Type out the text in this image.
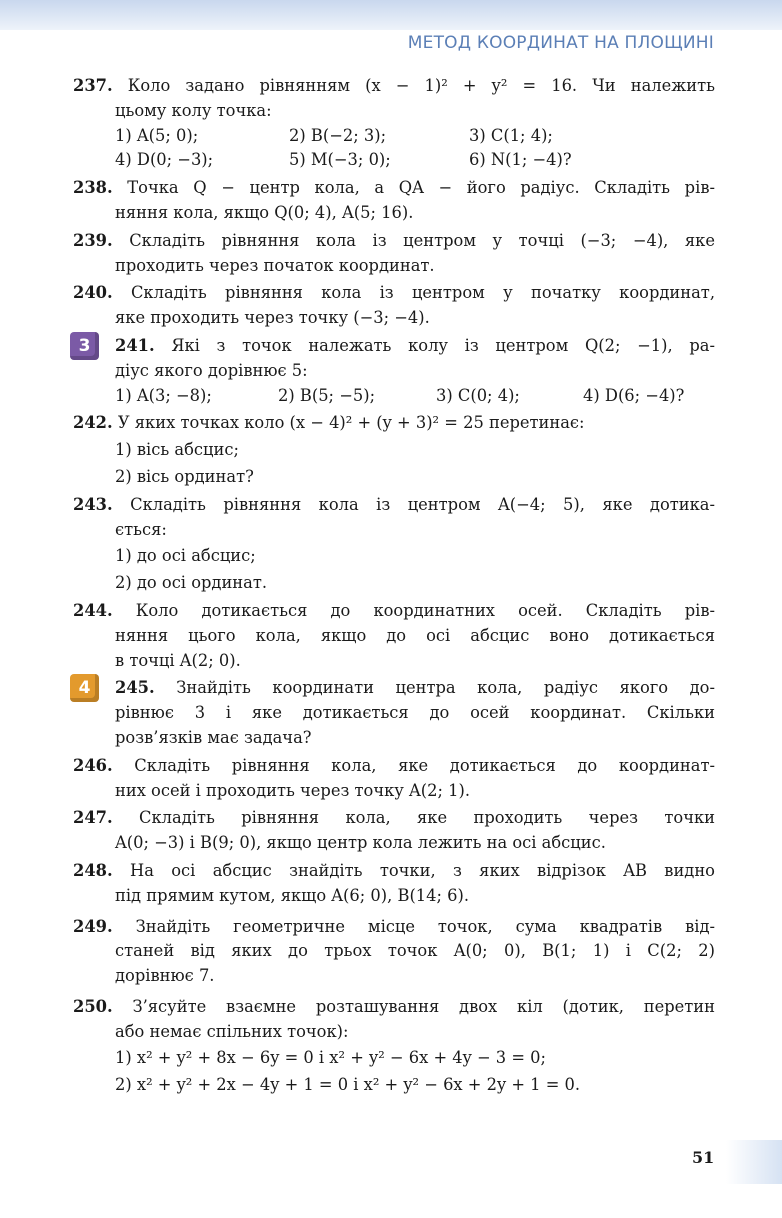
МЕТОД КООРДИНАТ НА ПЛОЩИНІ
237. Коло задано рівнянням (x − 1)² + y² = 16. Чи належить
цьому колу точка:
1) A(5; 0);	2) B(−2; 3);	3) C(1; 4);
4) D(0; −3);	5) M(−3; 0);	6) N(1; −4)?
238. Точка Q − центр кола, а QA − його радіус. Складіть рів-
няння кола, якщо Q(0; 4), A(5; 16).
239. Складіть рівняння кола із центром у точці (−3; −4), яке
проходить через початок координат.
240. Складіть рівняння кола із центром у початку координат,
яке проходить через точку (−3; −4).
3	241. Які з точок належать колу із центром Q(2; −1), ра-
діус якого дорівнює 5:
1) A(3; −8);	2) B(5; −5);	3) C(0; 4);	4) D(6; −4)?
242. У яких точках коло (x − 4)² + (y + 3)² = 25 перетинає:
1) вісь абсцис;
2) вісь ординат?
243. Складіть рівняння кола із центром A(−4; 5), яке дотика-
ється:
1) до осі абсцис;
2) до осі ординат.
244. Коло дотикається до координатних осей. Складіть рів-
няння цього кола, якщо до осі абсцис воно дотикається
в точці A(2; 0).
4	245. Знайдіть координати центра кола, радіус якого до-
рівнює 3 і яке дотикається до осей координат. Скільки
розв’язків має задача?
246. Складіть рівняння кола, яке дотикається до координат-
них осей і проходить через точку A(2; 1).
247. Складіть рівняння кола, яке проходить через точки
A(0; −3) і B(9; 0), якщо центр кола лежить на осі абсцис.
248. На осі абсцис знайдіть точки, з яких відрізок AB видно
під прямим кутом, якщо A(6; 0), B(14; 6).
249. Знайдіть геометричне місце точок, сума квадратів від-
станей від яких до трьох точок A(0; 0), B(1; 1) і C(2; 2)
дорівнює 7.
250. З’ясуйте взаємне розташування двох кіл (дотик, перетин
або немає спільних точок):
1) x² + y² + 8x − 6y = 0 і x² + y² − 6x + 4y − 3 = 0;
2) x² + y² + 2x − 4y + 1 = 0 і x² + y² − 6x + 2y + 1 = 0.
51
